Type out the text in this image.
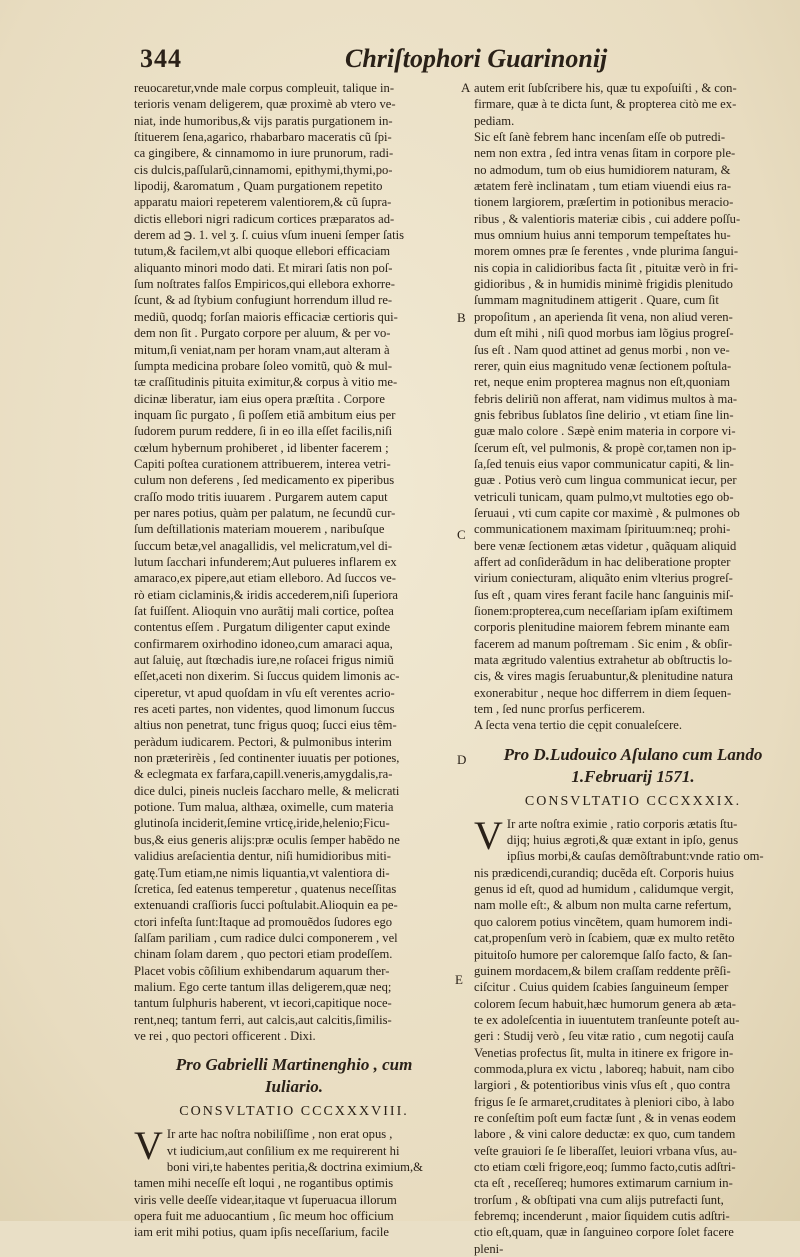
344	Chriſtophori Guarinonij
A
B
C
D
E
reuocaretur,vnde male corpus compleuit, talique in-
terioris venam deligerem, quæ proximè ab vtero ve-
niat, inde humoribus,& vijs paratis purgationem in-
ſtituerem ſena,agarico, rhabarbaro maceratis cũ ſpi-
ca gingibere, & cinnamomo in iure prunorum, radi-
cis dulcis,paſſularũ,cinnamomi, epithymi,thymi,po-
lipodij, &aromatum , Quam purgationem repetito
apparatu maiori repeterem valentiorem,& cũ ſupra-
dictis ellebori nigri radicum cortices præparatos ad-
derem ad ℈. 1. vel ʒ. ſ. cuius vſum inueni ſemper ſatis
tutum,& facilem,vt albi quoque ellebori efficaciam
aliquanto minori modo dati. Et mirari ſatis non poſ-
ſum noſtrates falſos Empiricos,qui ellebora exhorre-
ſcunt, & ad ſtybium confugiunt horrendum illud re-
mediũ, quodq; forſan maioris efficaciæ certioris qui-
dem non ſit . Purgato corpore per aluum, & per vo-
mitum,ſi veniat,nam per horam vnam,aut alteram à
ſumpta medicina probare ſoleo vomitũ, quò & mul-
tæ craſſitudinis pituita eximitur,& corpus à vitio me-
dicinæ liberatur, iam eius opera præſtita . Corpore
inquam ſic purgato , ſi poſſem etiã ambitum eius per
ſudorem purum reddere, ſi in eo illa eſſet facilis,niſi
cœlum hybernum prohiberet , id libenter facerem ;
Capiti poſtea curationem attribuerem, interea vetri-
culum non deferens , ſed medicamento ex piperibus
craſſo modo tritis iuuarem . Purgarem autem caput
per nares potius, quàm per palatum, ne ſecundũ cur-
ſum deſtillationis materiam mouerem , naribuſque
ſuccum betæ,vel anagallidis, vel melicratum,vel di-
lutum ſacchari infunderem;Aut pulueres inflarem ex
amaraco,ex pipere,aut etiam elleboro. Ad ſuccos ve-
rò etiam ciclaminis,& iridis accederem,niſi ſuperiora
ſat fuiſſent. Alioquin vno aurãtij mali cortice, poſtea
contentus eſſem . Purgatum diligenter caput exinde
confirmarem oxirhodino idoneo,cum amaraci aqua,
aut ſaluię, aut ſtœchadis iure,ne roſacei frigus nimiũ
eſſet,aceti non dixerim. Si ſuccus quidem limonis ac-
ciperetur, vt apud quoſdam in vſu eſt verentes acrio-
res aceti partes, non videntes, quod limonum ſuccus
altius non penetrat, tunc frigus quoq; ſucci eius têm-
peràdum iudicarem. Pectori, & pulmonibus interim
non præterirèis , ſed continenter iuuatis per potiones,
& eclegmata ex farfara,capill.veneris,amygdalis,ra-
dice dulci, pineis nucleis ſaccharo melle, & melicrati
potione. Tum malua, althæa, oximelle, cum materia
glutinoſa inciderit,ſemine vrticę,iride,helenio;Ficu-
bus,& eius generis alijs:præ oculis ſemper habẽdo ne
validius areſacientia dentur, niſi humidioribus miti-
gatę.Tum etiam,ne nimis liquantia,vt valentiora di-
ſcretica, ſed eatenus temperetur , quatenus neceſſitas
extenuandi craſſioris ſucci poſtulabit.Alioquin ea pe-
ctori infeſta ſunt:Itaque ad promouẽdos ſudores ego
ſalſam pariliam , cum radice dulci componerem , vel
chinam ſolam darem , quo pectori etiam prodeſſem.
Placet vobis cõſilium exhibendarum aquarum ther-
malium. Ego certe tantum illas deligerem,quæ neq;
tantum ſulphuris haberent, vt iecori,capitique noce-
rent,neq; tantum ferri, aut calcis,aut calcitis,ſimilis-
ve rei , quo pectori officerent . Dixi.
Pro Gabrielli Martinenghio , cum
Iuliario.
CONSVLTATIO CCCXXXVIII.
V Ir arte hac noſtra nobiliſſime , non erat opus ,
vt iudicium,aut conſilium ex me requirerent hi
boni viri,te habentes peritia,& doctrina eximium,&
tamen mihi neceſſe eſt loqui , ne rogantibus optimis
viris velle deeſſe videar,itaque vt ſuperuacua illorum
opera fuit me aduocantium , ſic meum hoc officium
iam erit mihi potius, quam ipſis neceſſarium, facile
autem erit ſubſcribere his, quæ tu expoſuiſti , & con-
firmare, quæ à te dicta ſunt, & propterea citò me ex-
pediam.
Sic eſt ſanè febrem hanc incenſam eſſe ob putredi-
nem non extra , ſed intra venas ſitam in corpore ple-
no admodum, tum ob eius humidiorem naturam, &
ætatem ferè inclinatam , tum etiam viuendi eius ra-
tionem largiorem, præſertim in potionibus meracio-
ribus , & valentioris materiæ cibis , cui addere poſſu-
mus omnium huius anni temporum tempeſtates hu-
morem omnes præ ſe ferentes , vnde plurima ſangui-
nis copia in calidioribus facta ſit , pituitæ verò in fri-
gidioribus , & in humidis minimè frigidis plenitudo
ſummam magnitudinem attigerit . Quare, cum ſit
propoſitum , an aperienda ſit vena, non aliud veren-
dum eſt mihi , niſi quod morbus iam lõgius progreſ-
ſus eſt . Nam quod attinet ad genus morbi , non ve-
rerer, quin eius magnitudo venæ ſectionem poſtula-
ret, neque enim propterea magnus non eſt,quoniam
febris deliriũ non afferat, nam vidimus multos à ma-
gnis febribus ſublatos ſine delirio , vt etiam ſine lin-
guæ malo colore . Sæpè enim materia in corpore vi-
ſcerum eſt, vel pulmonis, & propè cor,tamen non ip-
ſa,ſed tenuis eius vapor communicatur capiti, & lin-
guæ . Potius verò cum lingua communicat iecur, per
vetriculi tunicam, quam pulmo,vt multoties ego ob-
ſeruaui , vti cum capite cor maximè , & pulmones ob
communicationem maximam ſpirituum:neq; prohi-
bere venæ ſectionem ætas videtur , quãquam aliquid
affert ad conſiderãdum in hac deliberatione propter
virium coniecturam, aliquãto enim vlterius progreſ-
ſus eſt , quam vires ferant facile hanc ſanguinis miſ-
ſionem:propterea,cum neceſſariam ipſam exiſtimem
corporis plenitudine maiorem febrem minante eam
facerem ad manum poſtremam . Sic enim , & obſir-
mata ægritudo valentius extrahetur ab obſtructis lo-
cis, & vires magis ſeruabuntur,& plenitudine natura
exonerabitur , neque hoc differrem in diem ſequen-
tem , ſed nunc prorſus perficerem.
A ſecta vena tertio die cępit conualeſcere.
Pro D.Ludouico Aſulano cum Lando
1.Februarij 1571.
CONSVLTATIO CCCXXXIX.
V Ir arte noſtra eximie , ratio corporis ætatis ſtu-
dijq; huius ægroti,& quæ extant in ipſo, genus
ipſius morbi,& cauſas demõſtrabunt:vnde ratio om-
nis prædicendi,curandiq; ducẽda eſt. Corporis huius
genus id eſt, quod ad humidum , calidumque vergit,
nam molle eſt:, & album non multa carne refertum,
quo calorem potius vincẽtem, quam humorem indi-
cat,propenſum verò in ſcabiem, quæ ex multo retẽto
pituitoſo humore per caloremque ſalſo facto, & ſan-
guinem mordacem,& bilem craſſam reddente prẽſi-
ciſcitur . Cuius quidem ſcabies ſanguineum ſemper
colorem ſecum habuit,hæc humorum genera ab æta-
te ex adoleſcentia in iuuentutem tranſeunte poteſt au-
geri : Studij verò , ſeu vitæ ratio , cum negotij cauſa
Venetias profectus ſit, multa in itinere ex frigore in-
commoda,plura ex victu , laboreq; habuit, nam cibo
largiori , & potentioribus vinis vſus eſt , quo contra
frigus ſe ſe armaret,cruditates à pleniori cibo, à labo
re conſeſtim poſt eum factæ ſunt , & in venas eodem
labore , & vini calore deductæ: ex quo, cum tandem
veſte grauiori ſe ſe liberaſſet, leuiori vrbana vſus, au-
cto etiam cœli frigore,eoq; ſummo facto,cutis adſtri-
cta eſt , receſſereq; humores extimarum carnium in-
trorſum , & obſtipati vna cum alijs putrefacti ſunt,
febremq; incenderunt , maior ſiquidem cutis adſtri-
ctio eſt,quam, quæ in ſanguineo corpore ſolet facere
pleni-
